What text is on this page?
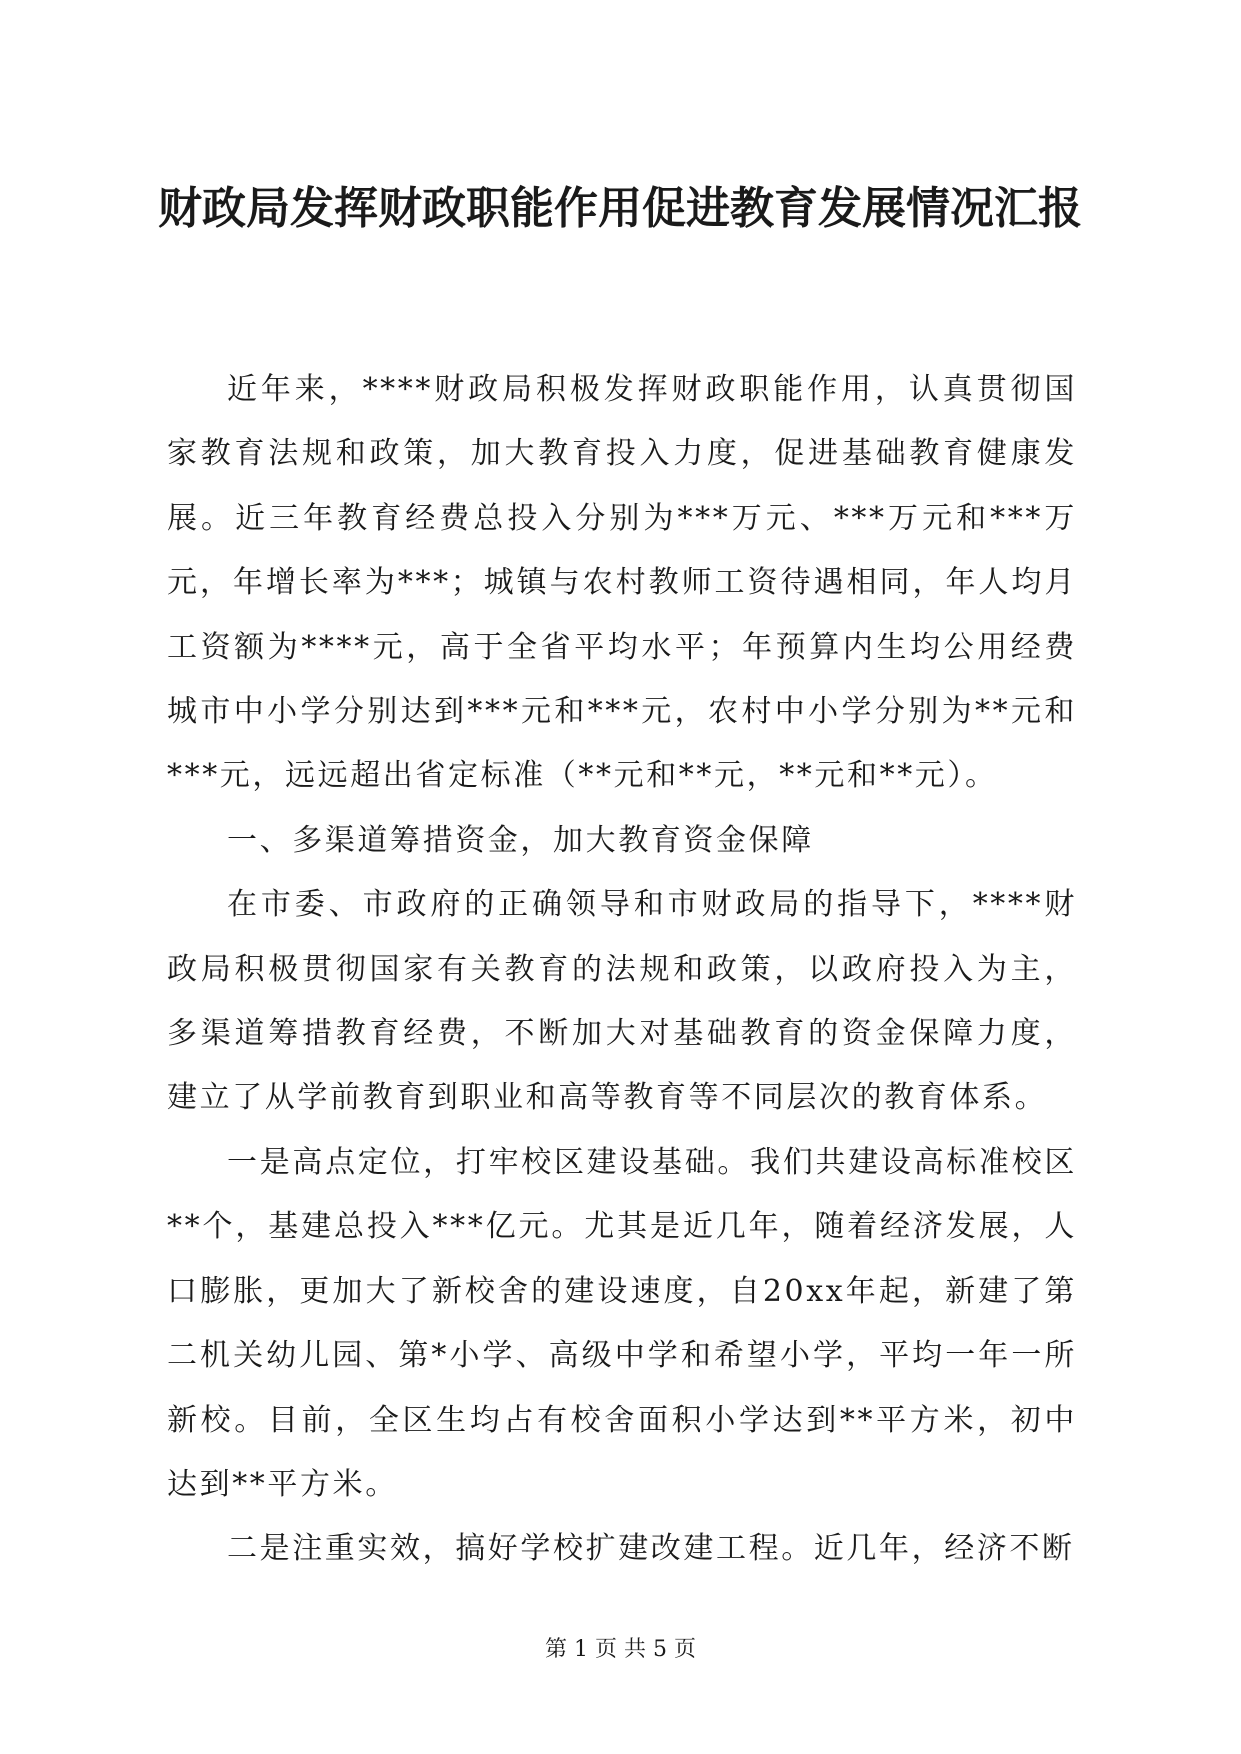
财政局发挥财政职能作用促进教育发展情况汇报

近年来，****财政局积极发挥财政职能作用，认真贯彻国家教育法规和政策，加大教育投入力度，促进基础教育健康发展。近三年教育经费总投入分别为***万元、***万元和***万元，年增长率为***；城镇与农村教师工资待遇相同，年人均月工资额为****元，高于全省平均水平；年预算内生均公用经费城市中小学分别达到***元和***元，农村中小学分别为**元和***元，远远超出省定标准（**元和**元，**元和**元）。

一、多渠道筹措资金，加大教育资金保障

在市委、市政府的正确领导和市财政局的指导下，****财政局积极贯彻国家有关教育的法规和政策，以政府投入为主，多渠道筹措教育经费，不断加大对基础教育的资金保障力度，建立了从学前教育到职业和高等教育等不同层次的教育体系。

一是高点定位，打牢校区建设基础。我们共建设高标准校区**个，基建总投入***亿元。尤其是近几年，随着经济发展，人口膨胀，更加大了新校舍的建设速度，自20xx年起，新建了第二机关幼儿园、第*小学、高级中学和希望小学，平均一年一所新校。目前，全区生均占有校舍面积小学达到**平方米，初中达到**平方米。

二是注重实效，搞好学校扩建改建工程。近几年，经济不断

第 1 页 共 5 页
